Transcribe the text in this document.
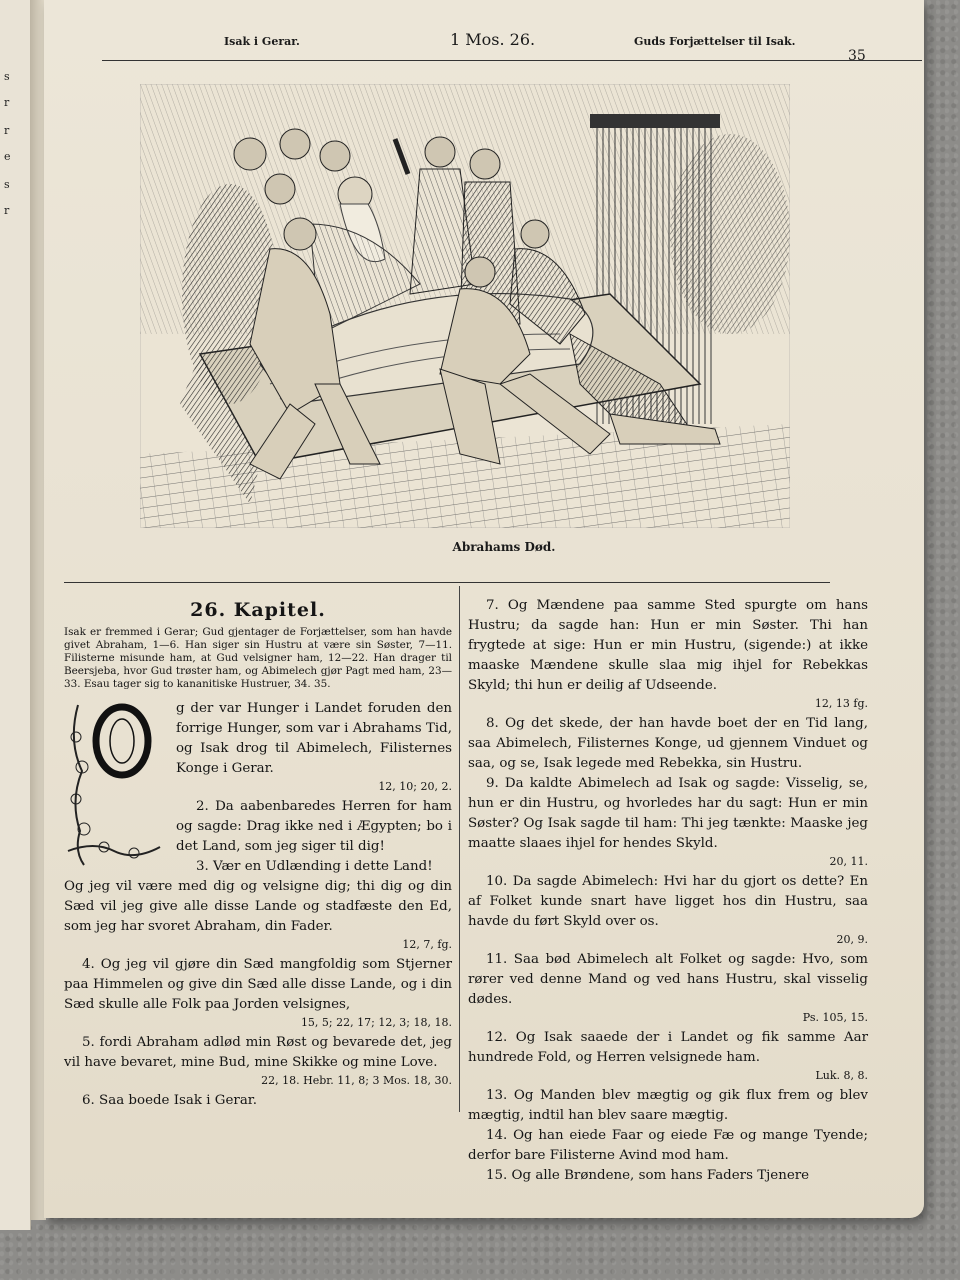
s
r
r
e
s
r
Isak i Gerar.	1 Mos. 26.	Guds Forjættelser til Isak.
35
Abrahams Død.
26. Kapitel.
Isak er fremmed i Gerar; Gud gjentager de Forjættelser, som han havde givet Abraham, 1—6. Han siger sin Hustru at være sin Søster, 7—11. Filisterne misunde ham, at Gud velsigner ham, 12—22. Han drager til Beersjeba, hvor Gud trøster ham, og Abimelech gjør Pagt med ham, 23—33. Esau tager sig to kananitiske Hustruer, 34. 35.

g der var Hunger i Landet foruden den forrige Hunger, som var i Abrahams Tid, og Isak drog til Abimelech, Filisternes Konge i Gerar.

12, 10; 20, 2.

2. Da aabenbaredes Herren for ham og sagde: Drag ikke ned i Ægypten; bo i det Land, som jeg siger til dig!

3. Vær en Udlænding i dette Land!

Og jeg vil være med dig og velsigne dig; thi dig og din Sæd vil jeg give alle disse Lande og stadfæste den Ed, som jeg har svoret Abraham, din Fader.

12, 7, fg.

4. Og jeg vil gjøre din Sæd mangfoldig som Stjerner paa Himmelen og give din Sæd alle disse Lande, og i din Sæd skulle alle Folk paa Jorden velsignes,

15, 5; 22, 17; 12, 3; 18, 18.

5. fordi Abraham adlød min Røst og bevarede det, jeg vil have bevaret, mine Bud, mine Skikke og mine Love.

22, 18. Hebr. 11, 8; 3 Mos. 18, 30.

6. Saa boede Isak i Gerar.

7. Og Mændene paa samme Sted spurgte om hans Hustru; da sagde han: Hun er min Søster. Thi han frygtede at sige: Hun er min Hustru, (sigende:) at ikke maaske Mændene skulle slaa mig ihjel for Rebekkas Skyld; thi hun er deilig af Udseende.

12, 13 fg.

8. Og det skede, der han havde boet der en Tid lang, saa Abimelech, Filisternes Konge, ud gjennem Vinduet og saa, og se, Isak legede med Rebekka, sin Hustru.

9. Da kaldte Abimelech ad Isak og sagde: Visselig, se, hun er din Hustru, og hvorledes har du sagt: Hun er min Søster? Og Isak sagde til ham: Thi jeg tænkte: Maaske jeg maatte slaaes ihjel for hendes Skyld.

20, 11.

10. Da sagde Abimelech: Hvi har du gjort os dette? En af Folket kunde snart have ligget hos din Hustru, saa havde du ført Skyld over os.

20, 9.

11. Saa bød Abimelech alt Folket og sagde: Hvo, som rører ved denne Mand og ved hans Hustru, skal visselig dødes.

Ps. 105, 15.

12. Og Isak saaede der i Landet og fik samme Aar hundrede Fold, og Herren velsignede ham.

Luk. 8, 8.

13. Og Manden blev mægtig og gik flux frem og blev mægtig, indtil han blev saare mægtig.

14. Og han eiede Faar og eiede Fæ og mange Tyende; derfor bare Filisterne Avind mod ham.

15. Og alle Brøndene, som hans Faders Tjenere
